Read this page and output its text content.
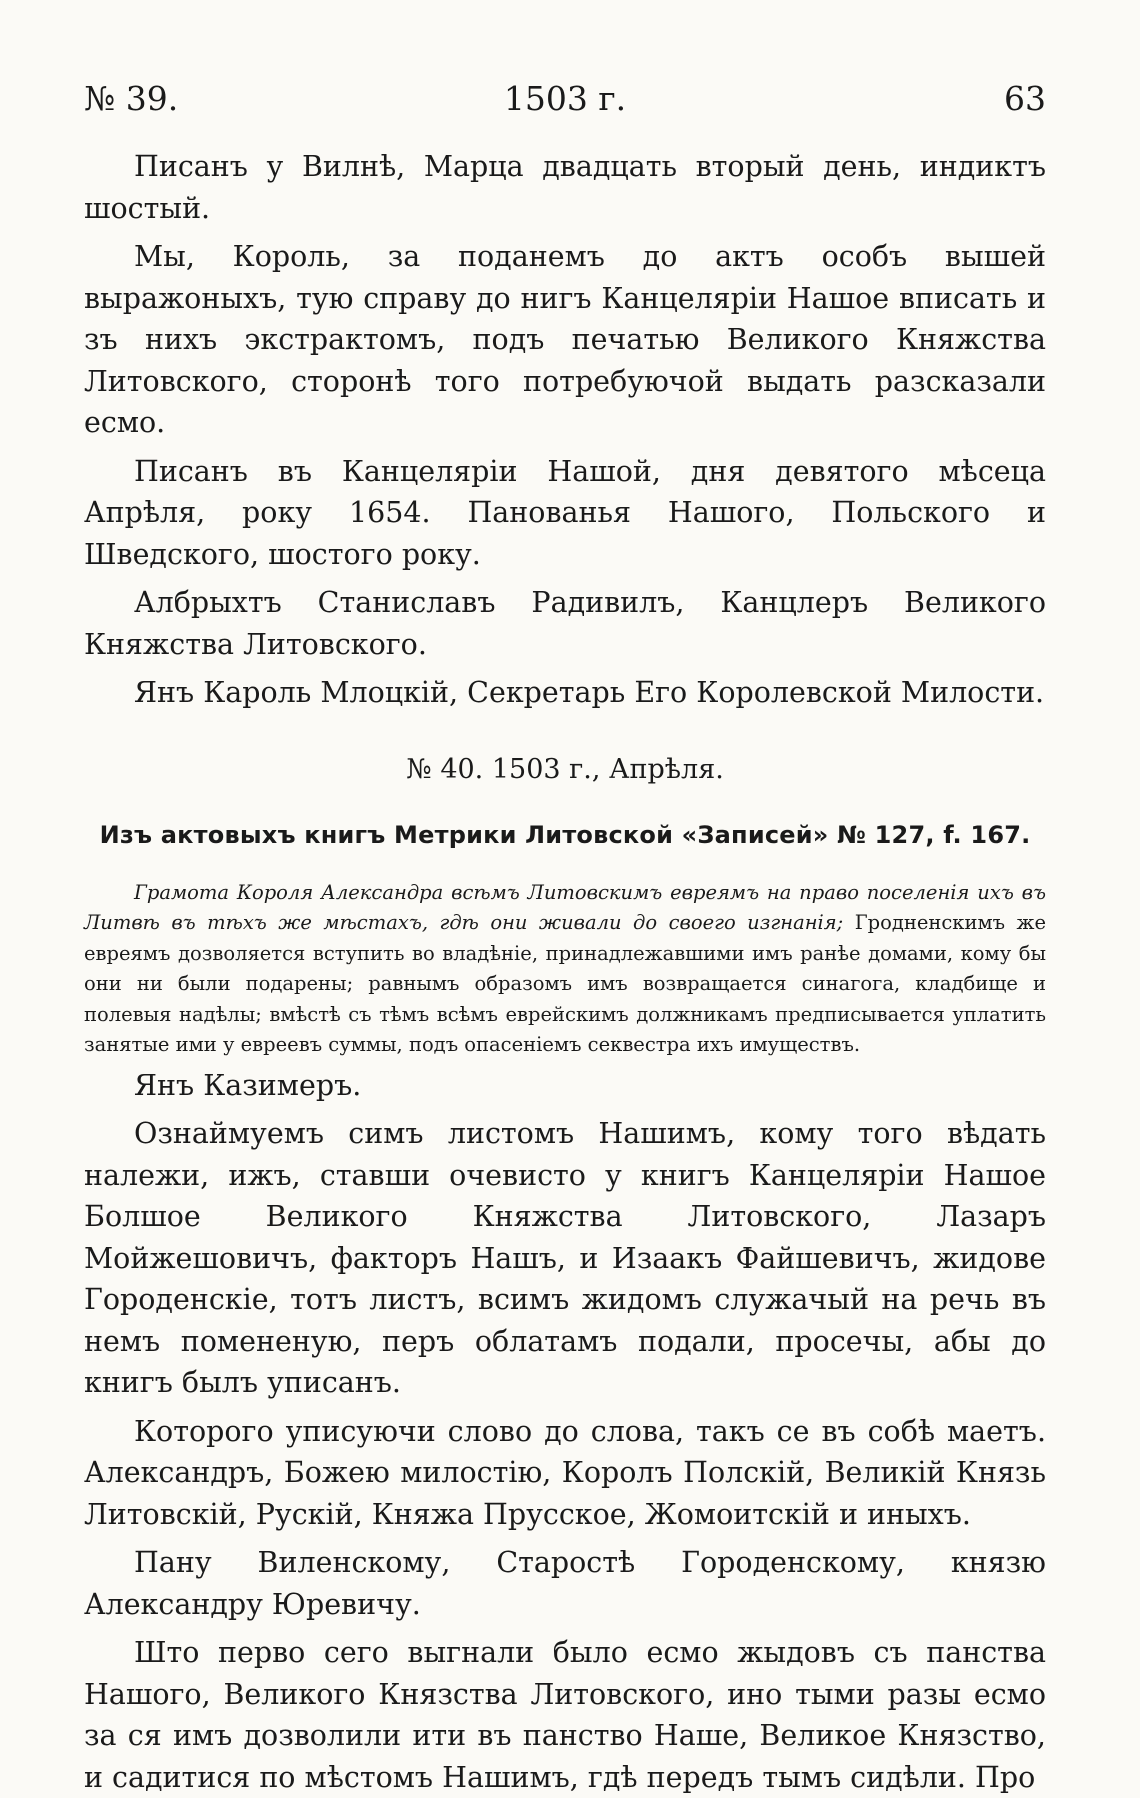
№ 39.	1503 г.	63

Писанъ у Вилнѣ, Марца двадцать вторый день, индиктъ шостый.

Мы, Король, за поданемъ до актъ особъ вышей выражоныхъ, тую справу до нигъ Канцеляріи Нашое вписать и зъ нихъ экстрактомъ, подъ печатью Великого Княжства Литовского, сторонѣ того потребуючой выдать разсказали есмо.

Писанъ въ Канцеляріи Нашой, дня девятого мѣсеца Апрѣля, року 1654. Панованья Нашого, Польского и Шведского, шостого року.

Албрыхтъ Станиславъ Радивилъ, Канцлеръ Великого Княжства Литовского.

Янъ Кароль Млоцкій, Секретарь Его Королевской Милости.

№ 40. 1503 г., Апрѣля.

Изъ актовыхъ книгъ Метрики Литовской «Записей» № 127, f. 167.

Грамота Короля Александра всѣмъ Литовскимъ евреямъ на право поселенія ихъ въ Литвѣ въ тѣхъ же мѣстахъ, гдѣ они живали до своего изгнанія; Гродненскимъ же евреямъ дозволяется вступить во владѣніе, принадлежавшими имъ ранѣе домами, кому бы они ни были подарены; равнымъ образомъ имъ возвращается синагога, кладбище и полевыя надѣлы; вмѣстѣ съ тѣмъ всѣмъ еврейскимъ должникамъ предписывается уплатить занятые ими у евреевъ суммы, подъ опасеніемъ секвестра ихъ имуществъ.

Янъ Казимеръ.

Ознаймуемъ симъ листомъ Нашимъ, кому того вѣдать належи, ижъ, ставши очевисто у книгъ Канцеляріи Нашое Болшое Великого Княжства Литовского, Лазаръ Мойжешовичъ, факторъ Нашъ, и Изаакъ Файшевичъ, жидове Городенскіе, тотъ листъ, всимъ жидомъ служачый на речь въ немъ помененую, перъ облатамъ подали, просечы, абы до книгъ былъ уписанъ.

Которого уписуючи слово до слова, такъ се въ собѣ маетъ. Александръ, Божею милостію, Королъ Полскій, Великій Князь Литовскій, Рускій, Княжа Прусское, Жомоитскій и иныхъ.

Пану Виленскому, Старостѣ Городенскому, князю Александру Юревичу.

Што перво сего выгнали было есмо жыдовъ съ панства Нашого, Великого Князства Литовского, ино тыми разы есмо за ся имъ дозволили ити въ панство Наше, Великое Князство, и садитися по мѣстомъ Нашимъ, гдѣ передъ тымъ сидѣли. Про
